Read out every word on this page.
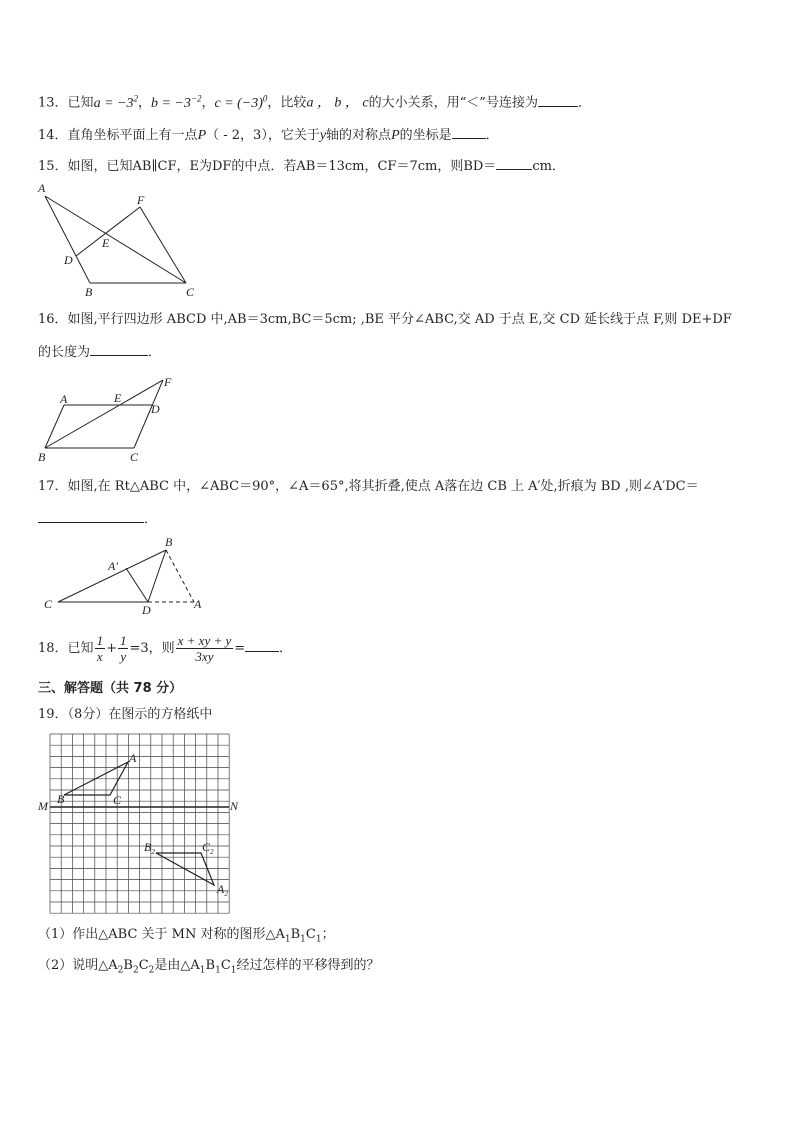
13．已知$a = -3^2$，$b = -3^{-2}$，$c = (-3)^0$，比较a ， b ， c的大小关系，用“＜”号连接为	．
14．直角坐标平面上有一点P（ - 2，3），它关于y轴的对称点P的坐标是	．
15．如图，已知AB∥CF，E为DF的中点．若AB＝13cm，CF＝7cm，则BD＝	cm．
A
F
E
D
B	C
16．如图,平行四边形 ABCD 中,AB＝3cm,BC＝5cm; ,BE 平分∠ABC,交 AD 于点 E,交 CD 延长线于点 F,则 DE+DF
的长度为	．
A	E
F
D
B	C
17．如图,在 Rt△ABC 中，∠ABC＝90°，∠A＝65°,将其折叠,使点 A落在边 CB 上 A′处,折痕为 BD ,则∠A′DC＝
．
B
A′
C	D	A
18．已知 $\frac{1}{x} + \frac{1}{y} =3$，则 $\frac{x + xy + y}{3xy}$ =	．
三、解答题（共 78 分）
19．（8分）在图示的方格纸中
M	N
A
B	C
$B_2$	$C_2$
$A_2$
（1）作出△ABC 关于 MN 对称的图形$\triangle A_1B_1C_1$；
（2）说明$\triangle A_2B_2C_2$是由$\triangle A_1B_1C_1$经过怎样的平移得到的？
